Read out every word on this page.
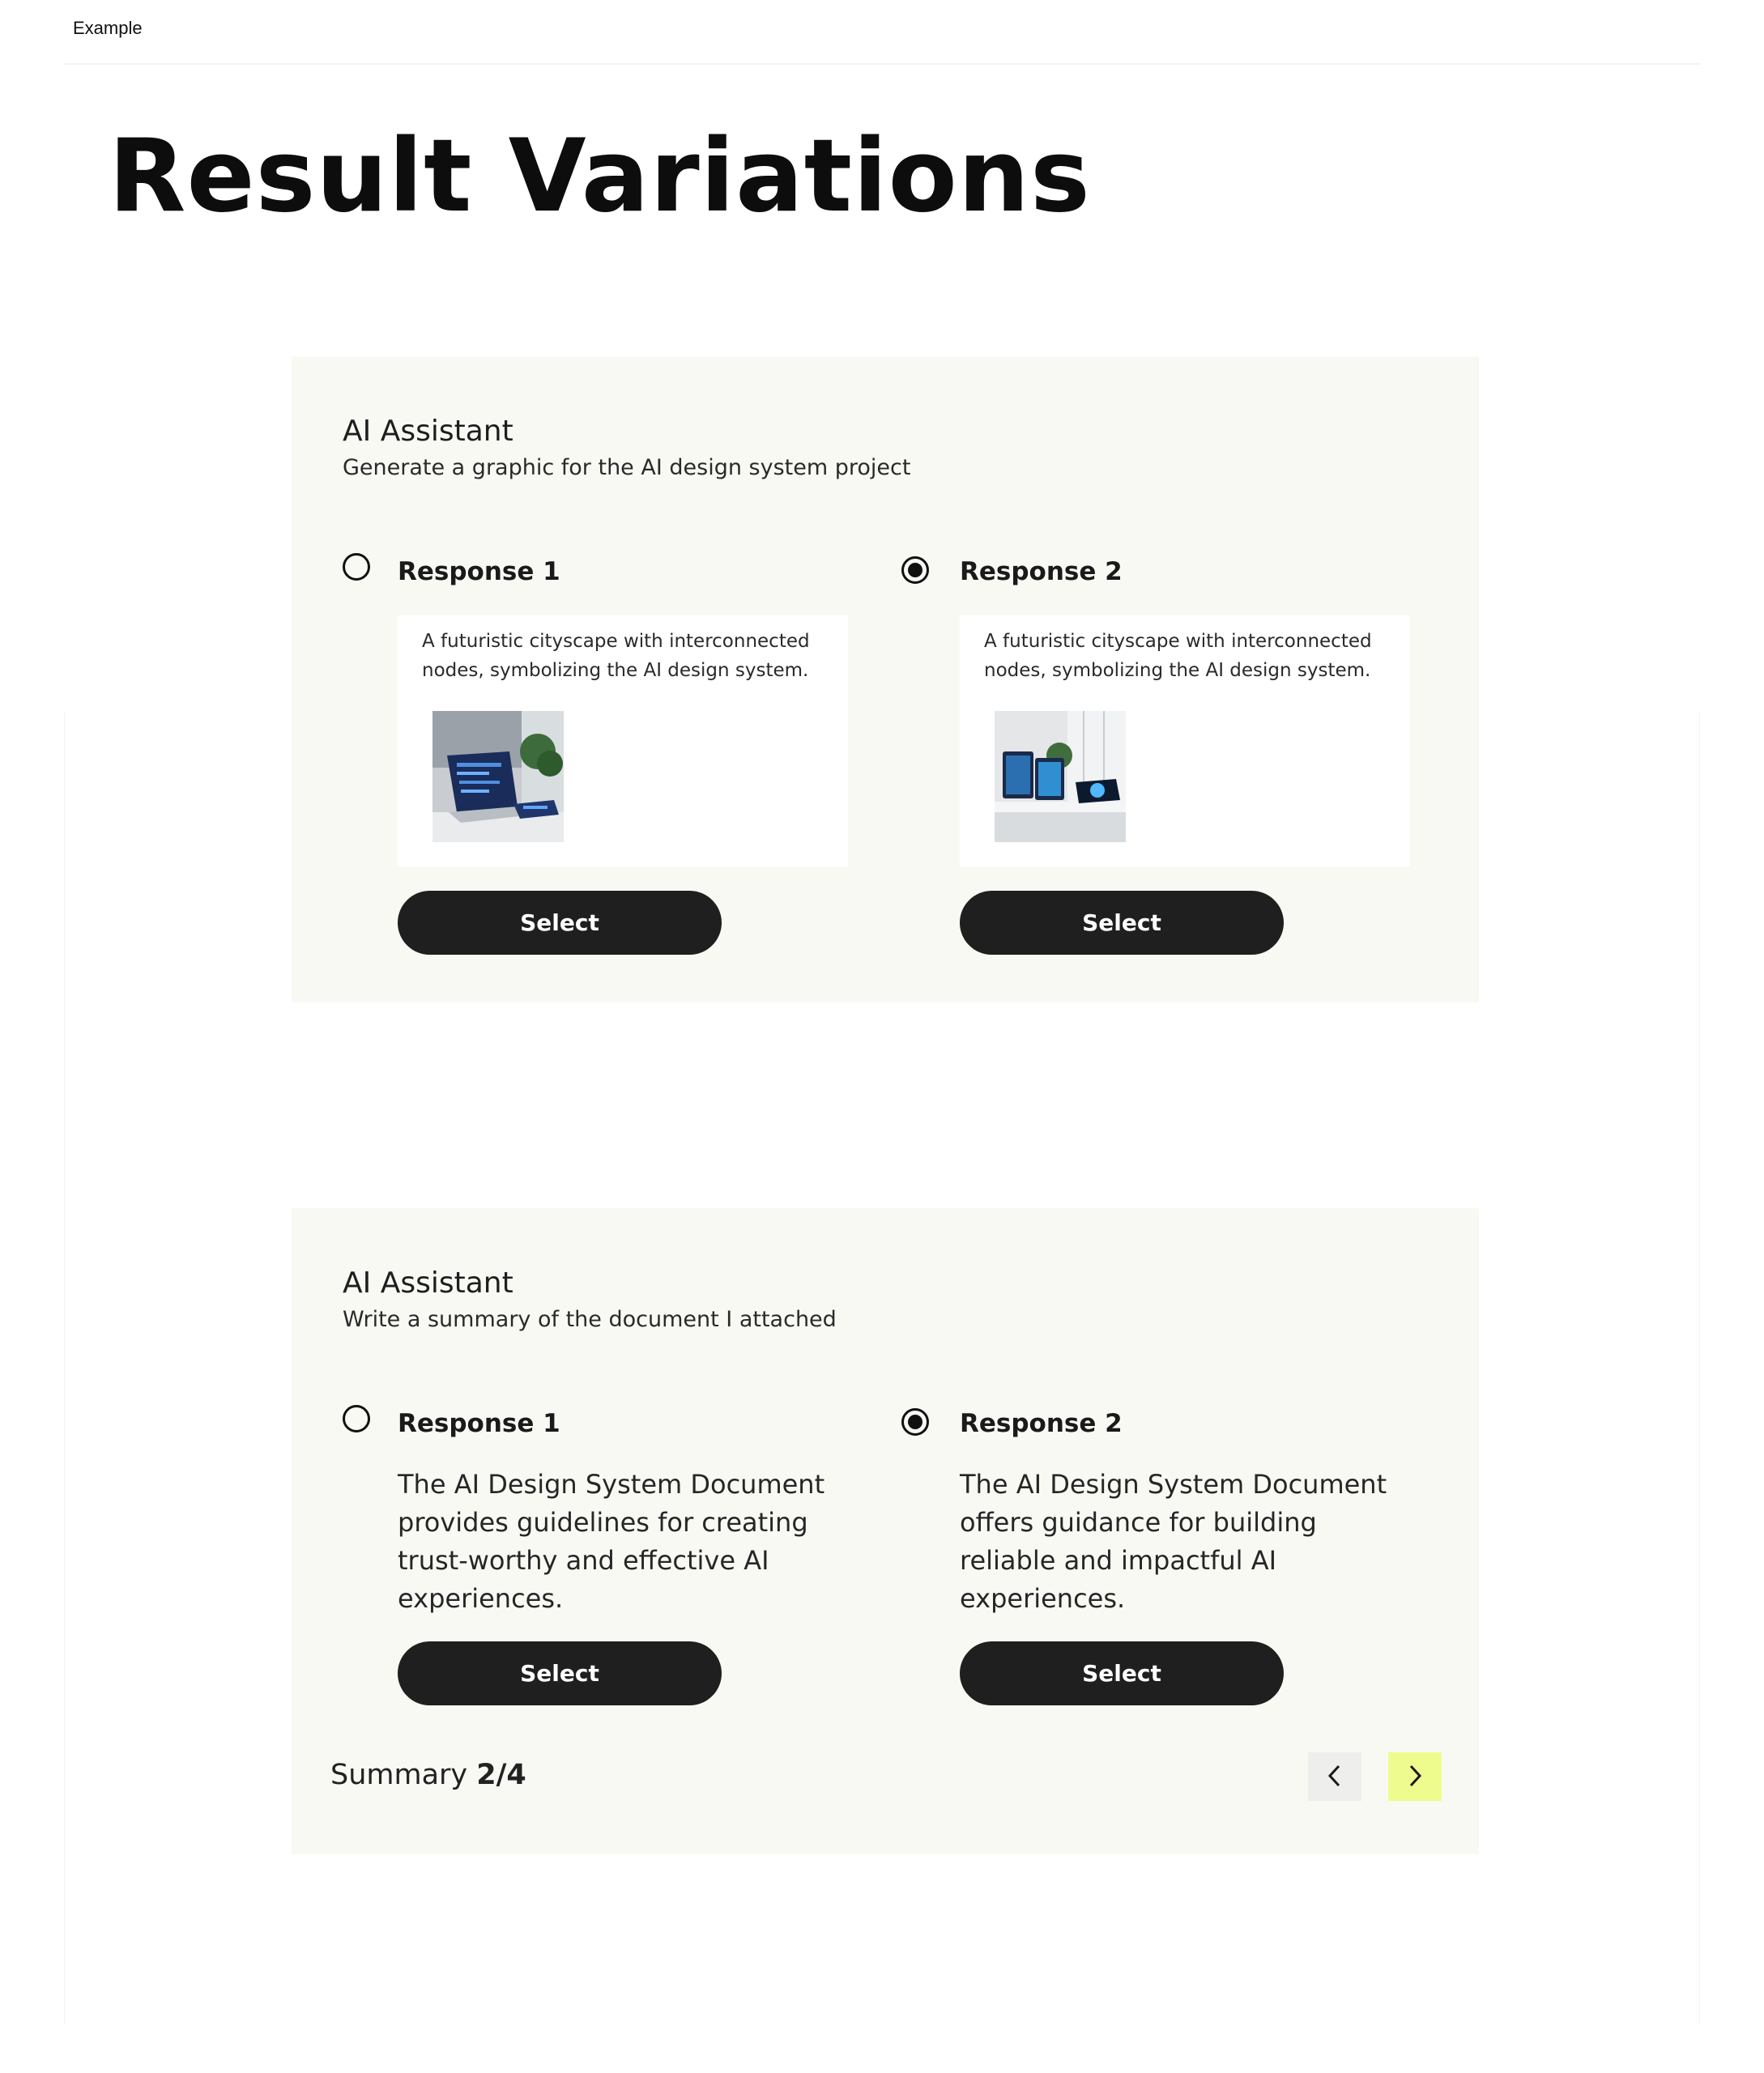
Example
Result Variations
AI Assistant
Generate a graphic for the AI design system project
Response 1
A futuristic cityscape with interconnected nodes, symbolizing the AI design system.
Select
Response 2
A futuristic cityscape with interconnected nodes, symbolizing the AI design system.
Select
AI Assistant
Write a summary of the document I attached
Response 1
The AI Design System Document provides guidelines for creating trust-worthy and effective AI experiences.
Select
Response 2
The AI Design System Document offers guidance for building reliable and impactful AI experiences.
Select
Summary 2/4
